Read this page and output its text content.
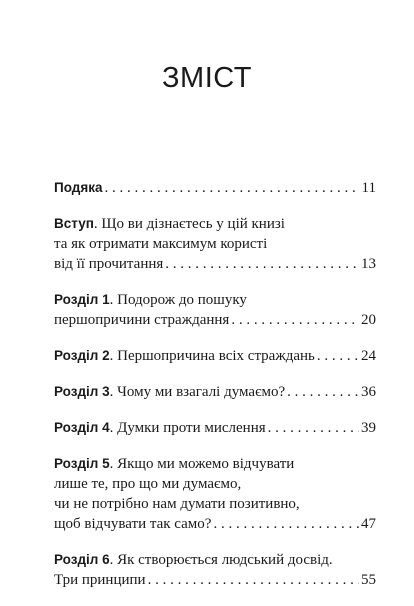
ЗМІСТ
Подяка . . .	11
Вступ . Що ви дізнаєтесь у цій книзі
та як отримати максимум користі
від її прочитання . . .	13
Розділ 1 . Подорож до пошуку
першопричини страждання . . .	20
Розділ 2 . Першопричина всіх страждань . . .	24
Розділ 3 . Чому ми взагалі думаємо? . . .	36
Розділ 4 . Думки проти мислення . . .	39
Розділ 5 . Якщо ми можемо відчувати
лише те, про що ми думаємо,
чи не потрібно нам думати позитивно,
щоб відчувати так само? . . .	47
Розділ 6 . Як створюється людський досвід.
Три принципи . . .	55
